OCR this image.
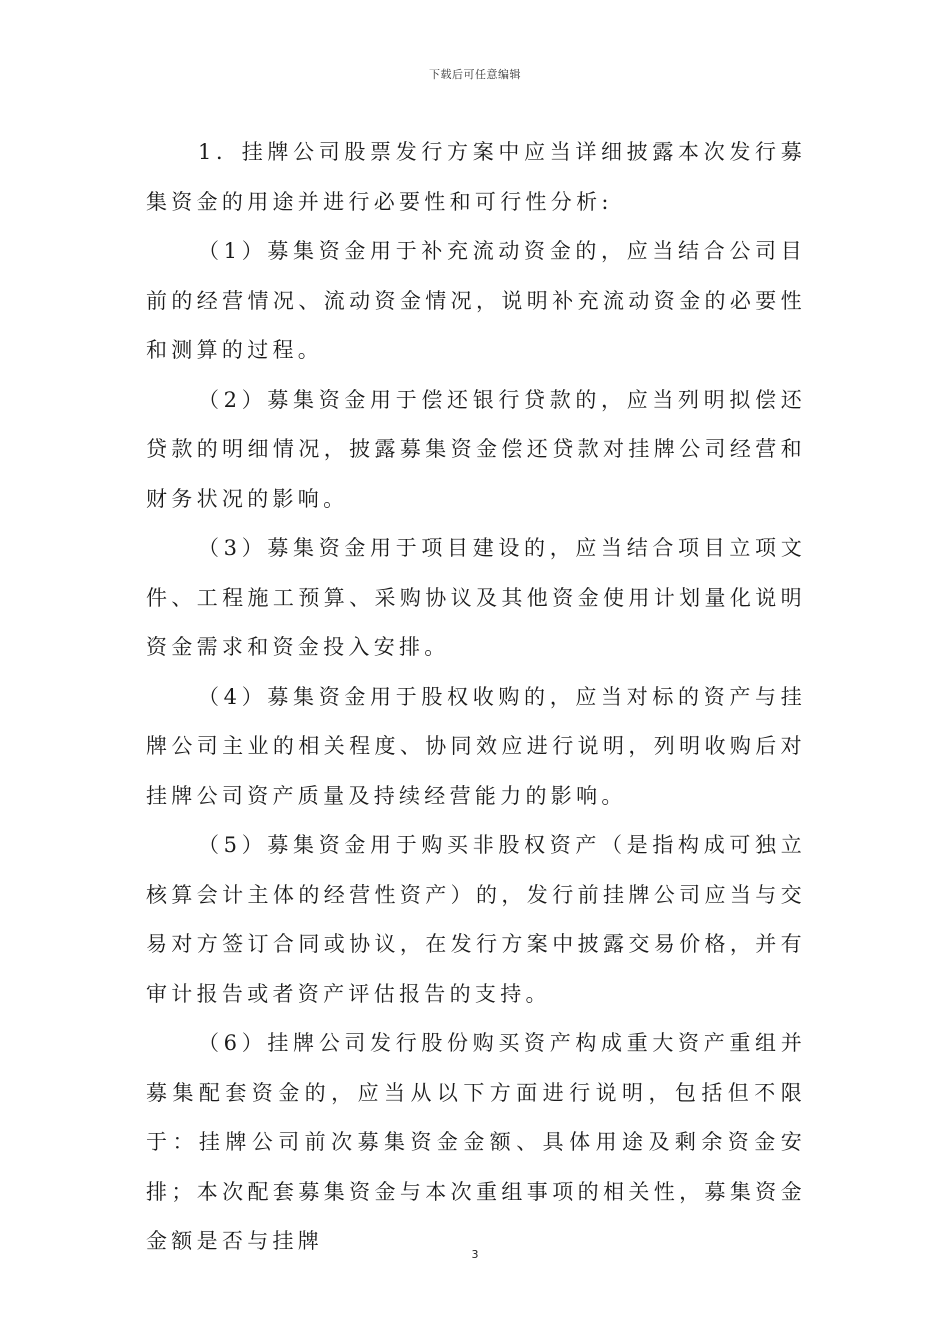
下载后可任意编辑

1．挂牌公司股票发行方案中应当详细披露本次发行募集资金的用途并进行必要性和可行性分析:

（1）募集资金用于补充流动资金的，应当结合公司目前的经营情况、流动资金情况，说明补充流动资金的必要性和测算的过程。

（2）募集资金用于偿还银行贷款的，应当列明拟偿还贷款的明细情况，披露募集资金偿还贷款对挂牌公司经营和财务状况的影响。

（3）募集资金用于项目建设的，应当结合项目立项文件、工程施工预算、采购协议及其他资金使用计划量化说明资金需求和资金投入安排。

（4）募集资金用于股权收购的，应当对标的资产与挂牌公司主业的相关程度、协同效应进行说明，列明收购后对挂牌公司资产质量及持续经营能力的影响。

（5）募集资金用于购买非股权资产（是指构成可独立核算会计主体的经营性资产）的，发行前挂牌公司应当与交易对方签订合同或协议，在发行方案中披露交易价格，并有审计报告或者资产评估报告的支持。

（6）挂牌公司发行股份购买资产构成重大资产重组并募集配套资金的，应当从以下方面进行说明，包括但不限于：挂牌公司前次募集资金金额、具体用途及剩余资金安排；本次配套募集资金与本次重组事项的相关性，募集资金金额是否与挂牌

3
